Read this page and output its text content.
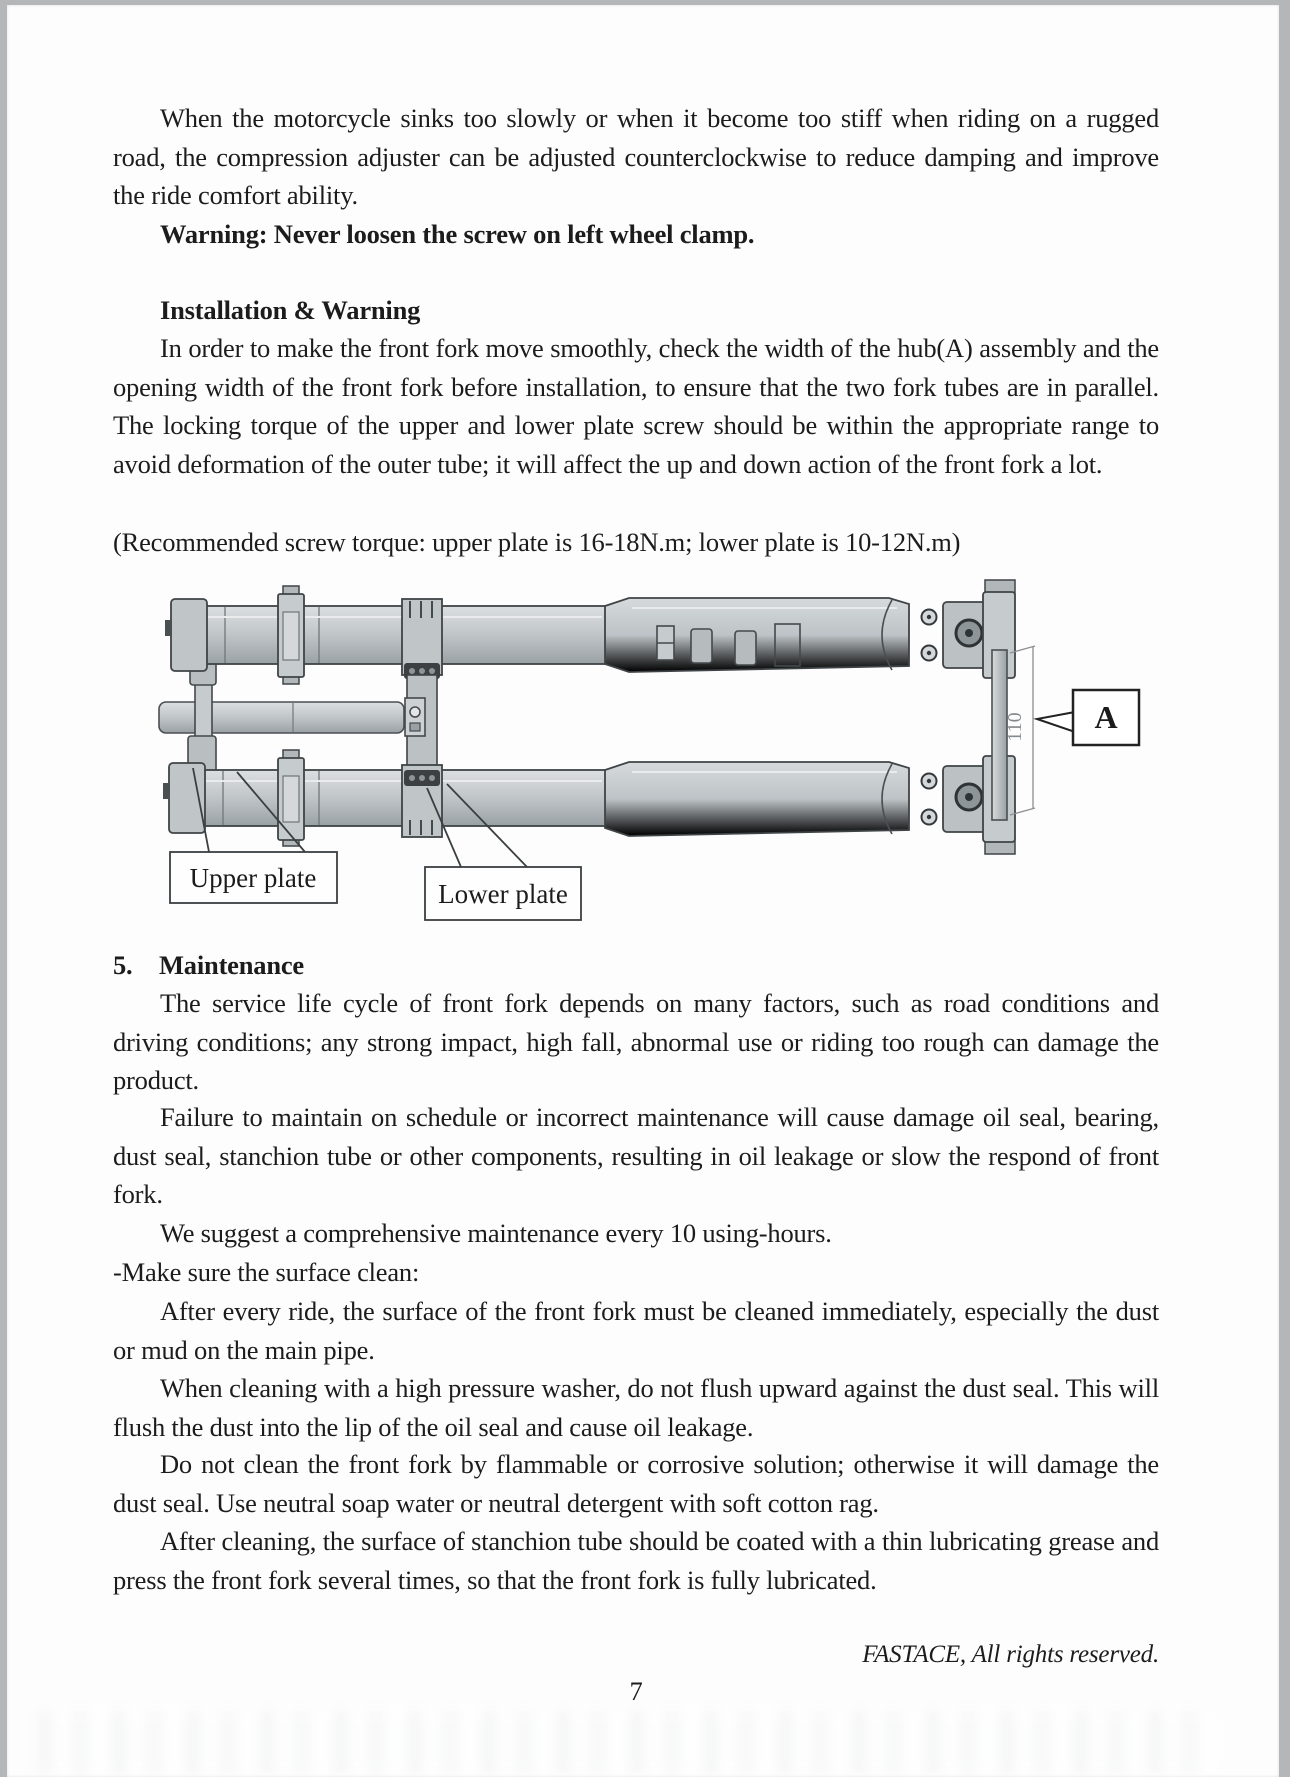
When the motorcycle sinks too slowly or when it become too stiff when riding on a rugged road, the compression adjuster can be adjusted counterclockwise to reduce damping and improve the ride comfort ability.

Warning: Never loosen the screw on left wheel clamp.

Installation & Warning

In order to make the front fork move smoothly, check the width of the hub(A) assembly and the opening width of the front fork before installation, to ensure that the two fork tubes are in parallel. The locking torque of the upper and lower plate screw should be within the appropriate range to avoid deformation of the outer tube; it will affect the up and down action of the front fork a lot.

(Recommended screw torque: upper plate is 16-18N.m; lower plate is 10-12N.m)

110 A
Upper plate
Lower plate

5. Maintenance

The service life cycle of front fork depends on many factors, such as road conditions and driving conditions; any strong impact, high fall, abnormal use or riding too rough can damage the product.

Failure to maintain on schedule or incorrect maintenance will cause damage oil seal, bearing, dust seal, stanchion tube or other components, resulting in oil leakage or slow the respond of front fork.

We suggest a comprehensive maintenance every 10 using-hours.

-Make sure the surface clean:

After every ride, the surface of the front fork must be cleaned immediately, especially the dust or mud on the main pipe.

When cleaning with a high pressure washer, do not flush upward against the dust seal. This will flush the dust into the lip of the oil seal and cause oil leakage.

Do not clean the front fork by flammable or corrosive solution; otherwise it will damage the dust seal. Use neutral soap water or neutral detergent with soft cotton rag.

After cleaning, the surface of stanchion tube should be coated with a thin lubricating grease and press the front fork several times, so that the front fork is fully lubricated.

FASTACE, All rights reserved.

7
